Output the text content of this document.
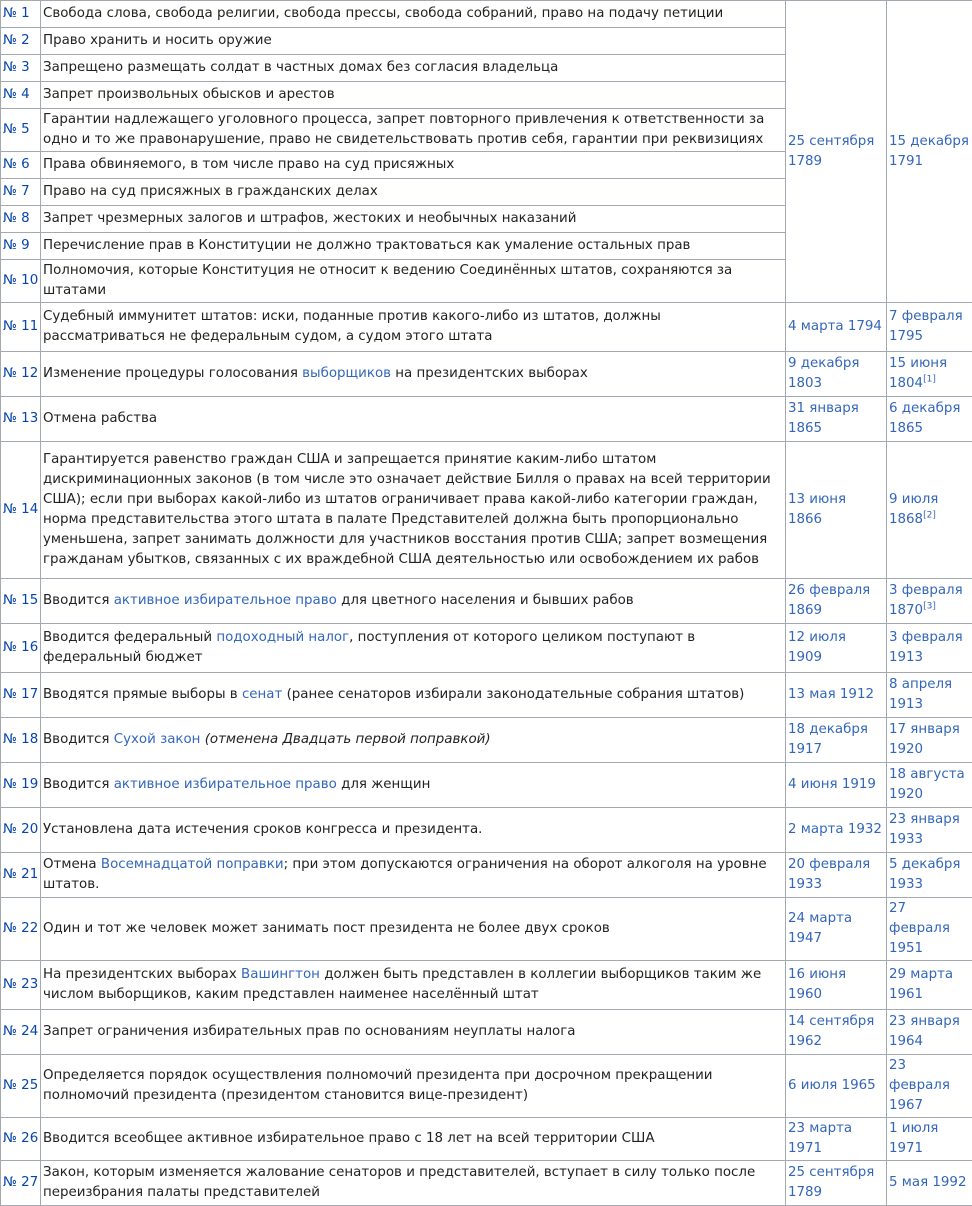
№ 1	Свобода слова, свобода религии, свобода прессы, свобода собраний, право на подачу петиции	25 сентября 1789	15 декабря 1791
№ 2	Право хранить и носить оружие		
№ 3	Запрещено размещать солдат в частных домах без согласия владельца		
№ 4	Запрет произвольных обысков и арестов		
№ 5	Гарантии надлежащего уголовного процесса, запрет повторного привлечения к ответственности за одно и то же правонарушение, право не свидетельствовать против себя, гарантии при реквизициях		
№ 6	Права обвиняемого, в том числе право на суд присяжных		
№ 7	Право на суд присяжных в гражданских делах		
№ 8	Запрет чрезмерных залогов и штрафов, жестоких и необычных наказаний		
№ 9	Перечисление прав в Конституции не должно трактоваться как умаление остальных прав		
№ 10	Полномочия, которые Конституция не относит к ведению Соединённых штатов, сохраняются за штатами		
№ 11	Судебный иммунитет штатов: иски, поданные против какого-либо из штатов, должны рассматриваться не федеральным судом, а судом этого штата	4 марта 1794	7 февраля 1795
№ 12	Изменение процедуры голосования выборщиков на президентских выборах	9 декабря 1803	15 июня 1804[1]
№ 13	Отмена рабства	31 января 1865	6 декабря 1865
№ 14	Гарантируется равенство граждан США и запрещается принятие каким-либо штатом дискриминационных законов (в том числе это означает действие Билля о правах на всей территории США); если при выборах какой-либо из штатов ограничивает права какой-либо категории граждан, норма представительства этого штата в палате Представителей должна быть пропорционально уменьшена, запрет занимать должности для участников восстания против США; запрет возмещения гражданам убытков, связанных с их враждебной США деятельностью или освобождением их рабов	13 июня 1866	9 июля 1868[2]
№ 15	Вводится активное избирательное право для цветного населения и бывших рабов	26 февраля 1869	3 февраля 1870[3]
№ 16	Вводится федеральный подоходный налог, поступления от которого целиком поступают в федеральный бюджет	12 июля 1909	3 февраля 1913
№ 17	Вводятся прямые выборы в сенат (ранее сенаторов избирали законодательные собрания штатов)	13 мая 1912	8 апреля 1913
№ 18	Вводится Сухой закон (отменена Двадцать первой поправкой)	18 декабря 1917	17 января 1920
№ 19	Вводится активное избирательное право для женщин	4 июня 1919	18 августа 1920
№ 20	Установлена дата истечения сроков конгресса и президента.	2 марта 1932	23 января 1933
№ 21	Отмена Восемнадцатой поправки; при этом допускаются ограничения на оборот алкоголя на уровне штатов.	20 февраля 1933	5 декабря 1933
№ 22	Один и тот же человек может занимать пост президента не более двух сроков	24 марта 1947	27 февраля 1951
№ 23	На президентских выборах Вашингтон должен быть представлен в коллегии выборщиков таким же числом выборщиков, каким представлен наименее населённый штат	16 июня 1960	29 марта 1961
№ 24	Запрет ограничения избирательных прав по основаниям неуплаты налога	14 сентября 1962	23 января 1964
№ 25	Определяется порядок осуществления полномочий президента при досрочном прекращении полномочий президента (президентом становится вице-президент)	6 июля 1965	23 февраля 1967
№ 26	Вводится всеобщее активное избирательное право с 18 лет на всей территории США	23 марта 1971	1 июля 1971
№ 27	Закон, которым изменяется жалование сенаторов и представителей, вступает в силу только после переизбрания палаты представителей	25 сентября 1789	5 мая 1992
